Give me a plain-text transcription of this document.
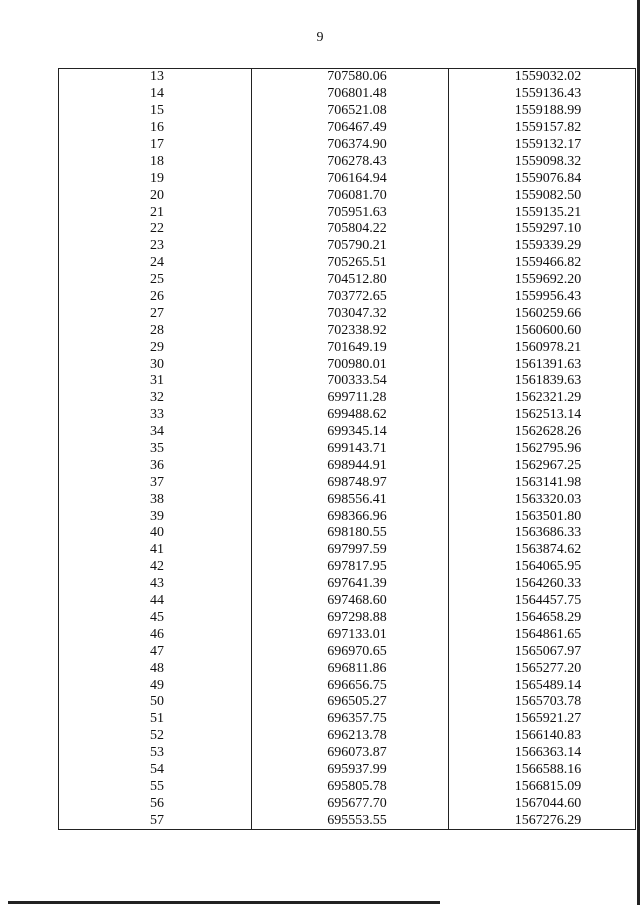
9
13	707580.06	1559032.02
14	706801.48	1559136.43
15	706521.08	1559188.99
16	706467.49	1559157.82
17	706374.90	1559132.17
18	706278.43	1559098.32
19	706164.94	1559076.84
20	706081.70	1559082.50
21	705951.63	1559135.21
22	705804.22	1559297.10
23	705790.21	1559339.29
24	705265.51	1559466.82
25	704512.80	1559692.20
26	703772.65	1559956.43
27	703047.32	1560259.66
28	702338.92	1560600.60
29	701649.19	1560978.21
30	700980.01	1561391.63
31	700333.54	1561839.63
32	699711.28	1562321.29
33	699488.62	1562513.14
34	699345.14	1562628.26
35	699143.71	1562795.96
36	698944.91	1562967.25
37	698748.97	1563141.98
38	698556.41	1563320.03
39	698366.96	1563501.80
40	698180.55	1563686.33
41	697997.59	1563874.62
42	697817.95	1564065.95
43	697641.39	1564260.33
44	697468.60	1564457.75
45	697298.88	1564658.29
46	697133.01	1564861.65
47	696970.65	1565067.97
48	696811.86	1565277.20
49	696656.75	1565489.14
50	696505.27	1565703.78
51	696357.75	1565921.27
52	696213.78	1566140.83
53	696073.87	1566363.14
54	695937.99	1566588.16
55	695805.78	1566815.09
56	695677.70	1567044.60
57	695553.55	1567276.29
